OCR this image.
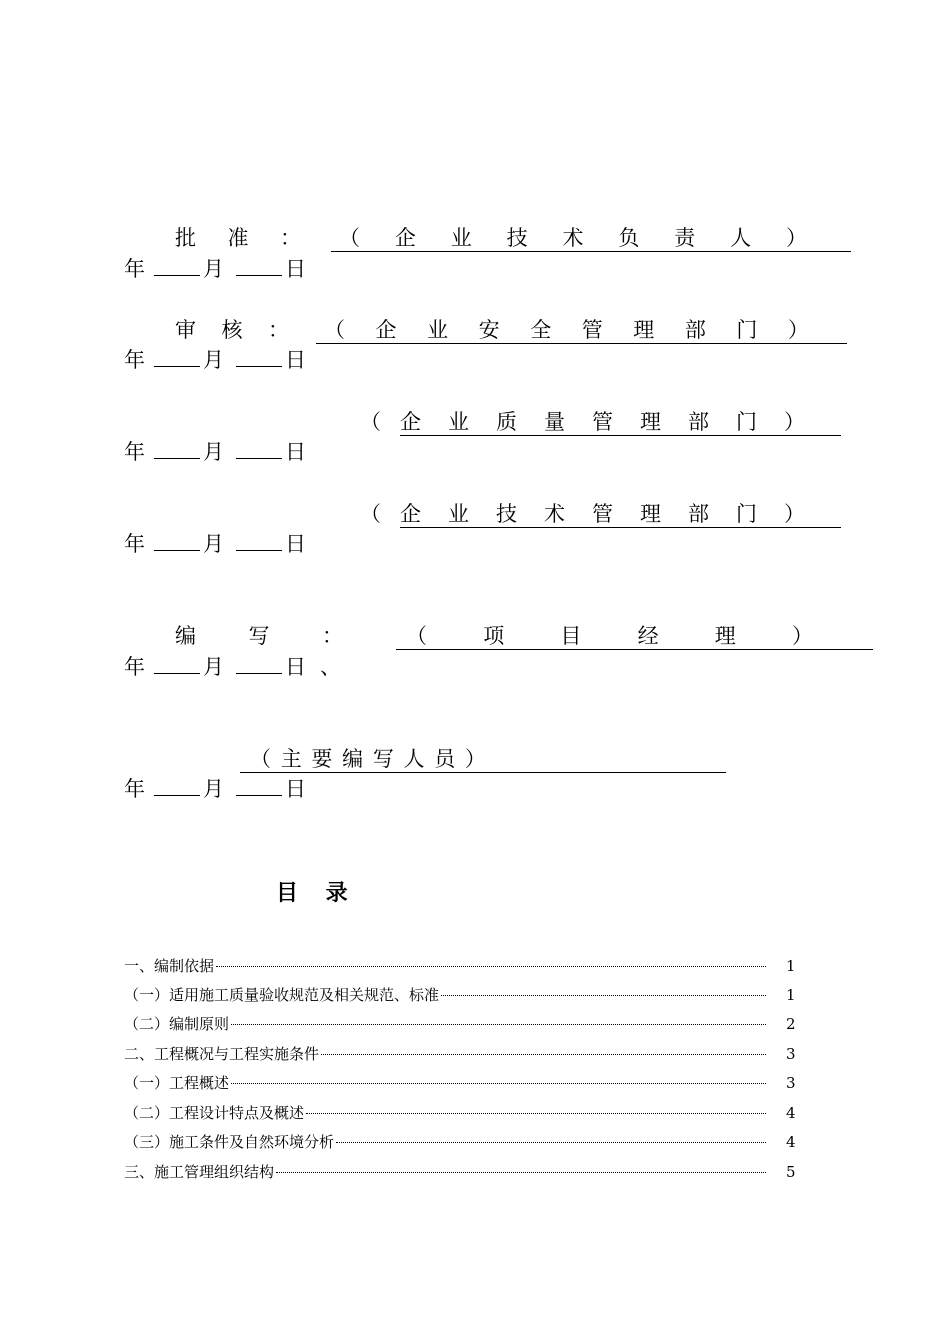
批 准 ： （ 企 业 技 术 负 责 人 ）
年	月	日
审 核 ： （ 企 业 安 全 管 理 部 门 ）
年	月	日
（ 企 业 质 量 管 理 部 门 ）
年	月	日
（ 企 业 技 术 管 理 部 门 ）
年	月	日
编	写	：	（	项	目	经	理	）
年	月	日 、
（ 主 要 编 写 人 员 ）
年	月	日
目 录
一、编制依据	1
（一）适用施工质量验收规范及相关规范、标准	1
（二）编制原则	2
二、工程概况与工程实施条件	3
（一）工程概述	3
（二）工程设计特点及概述	4
（三）施工条件及自然环境分析	4
三、施工管理组织结构	5
